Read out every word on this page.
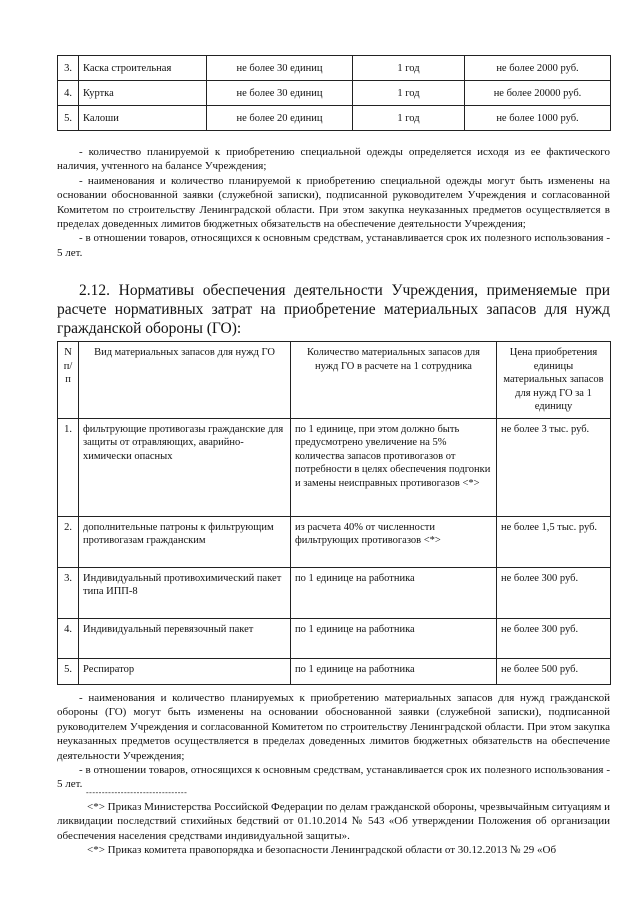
3.	Каска строительная	не более 30 единиц	1 год	не более 2000 руб.
4.	Куртка	не более 30 единиц	1 год	не более 20000 руб.
5.	Калоши	не более 20 единиц	1 год	не более 1000 руб.

- количество планируемой к приобретению специальной одежды определяется исходя из ее фактического наличия, учтенного на балансе Учреждения;

- наименования и количество планируемой к приобретению специальной одежды могут быть изменены на основании обоснованной заявки (служебной записки), подписанной руководителем Учреждения и согласованной Комитетом по строительству Ленинградской области. При этом закупка неуказанных предметов осуществляется в пределах доведенных лимитов бюджетных обязательств на обеспечение деятельности Учреждения;

- в отношении товаров, относящихся к основным средствам, устанавливается срок их полезного использования - 5 лет.

2.12. Нормативы обеспечения деятельности Учреждения, применяемые при расчете нормативных затрат на приобретение материальных запасов для нужд гражданской обороны (ГО):

N п/п	Вид материальных запасов для нужд ГО	Количество материальных запасов для нужд ГО в расчете на 1 сотрудника	Цена приобретения единицы материальных запасов для нужд ГО за 1 единицу
1.	фильтрующие противогазы гражданские для защиты от отравляющих, аварийно-химически опасных	по 1 единице, при этом должно быть предусмотрено увеличение на 5% количества запасов противогазов от потребности в целях обеспечения подгонки и замены неисправных противогазов <*>	не более 3 тыс. руб.
2.	дополнительные патроны к фильтрующим противогазам гражданским	из расчета 40% от численности фильтрующих противогазов <*>	не более 1,5 тыс. руб.
3.	Индивидуальный противохимический пакет типа ИПП-8	по 1 единице на работника	не более 300 руб.
4.	Индивидуальный перевязочный пакет	по 1 единице на работника	не более 300 руб.
5.	Респиратор	по 1 единице на работника	не более 500 руб.

- наименования и количество планируемых к приобретению материальных запасов для нужд гражданской обороны (ГО) могут быть изменены на основании обоснованной заявки (служебной записки), подписанной руководителем Учреждения и согласованной Комитетом по строительству Ленинградской области. При этом закупка неуказанных предметов осуществляется в пределах доведенных лимитов бюджетных обязательств на обеспечение деятельности Учреждения;

- в отношении товаров, относящихся к основным средствам, устанавливается срок их полезного использования - 5 лет.

--------------------------------

<*> Приказ Министерства Российской Федерации по делам гражданской обороны, чрезвычайным ситуациям и ликвидации последствий стихийных бедствий от 01.10.2014 № 543 «Об утверждении Положения об организации обеспечения населения средствами индивидуальной защиты».

<*> Приказ комитета правопорядка и безопасности Ленинградской области от 30.12.2013 № 29 «Об
